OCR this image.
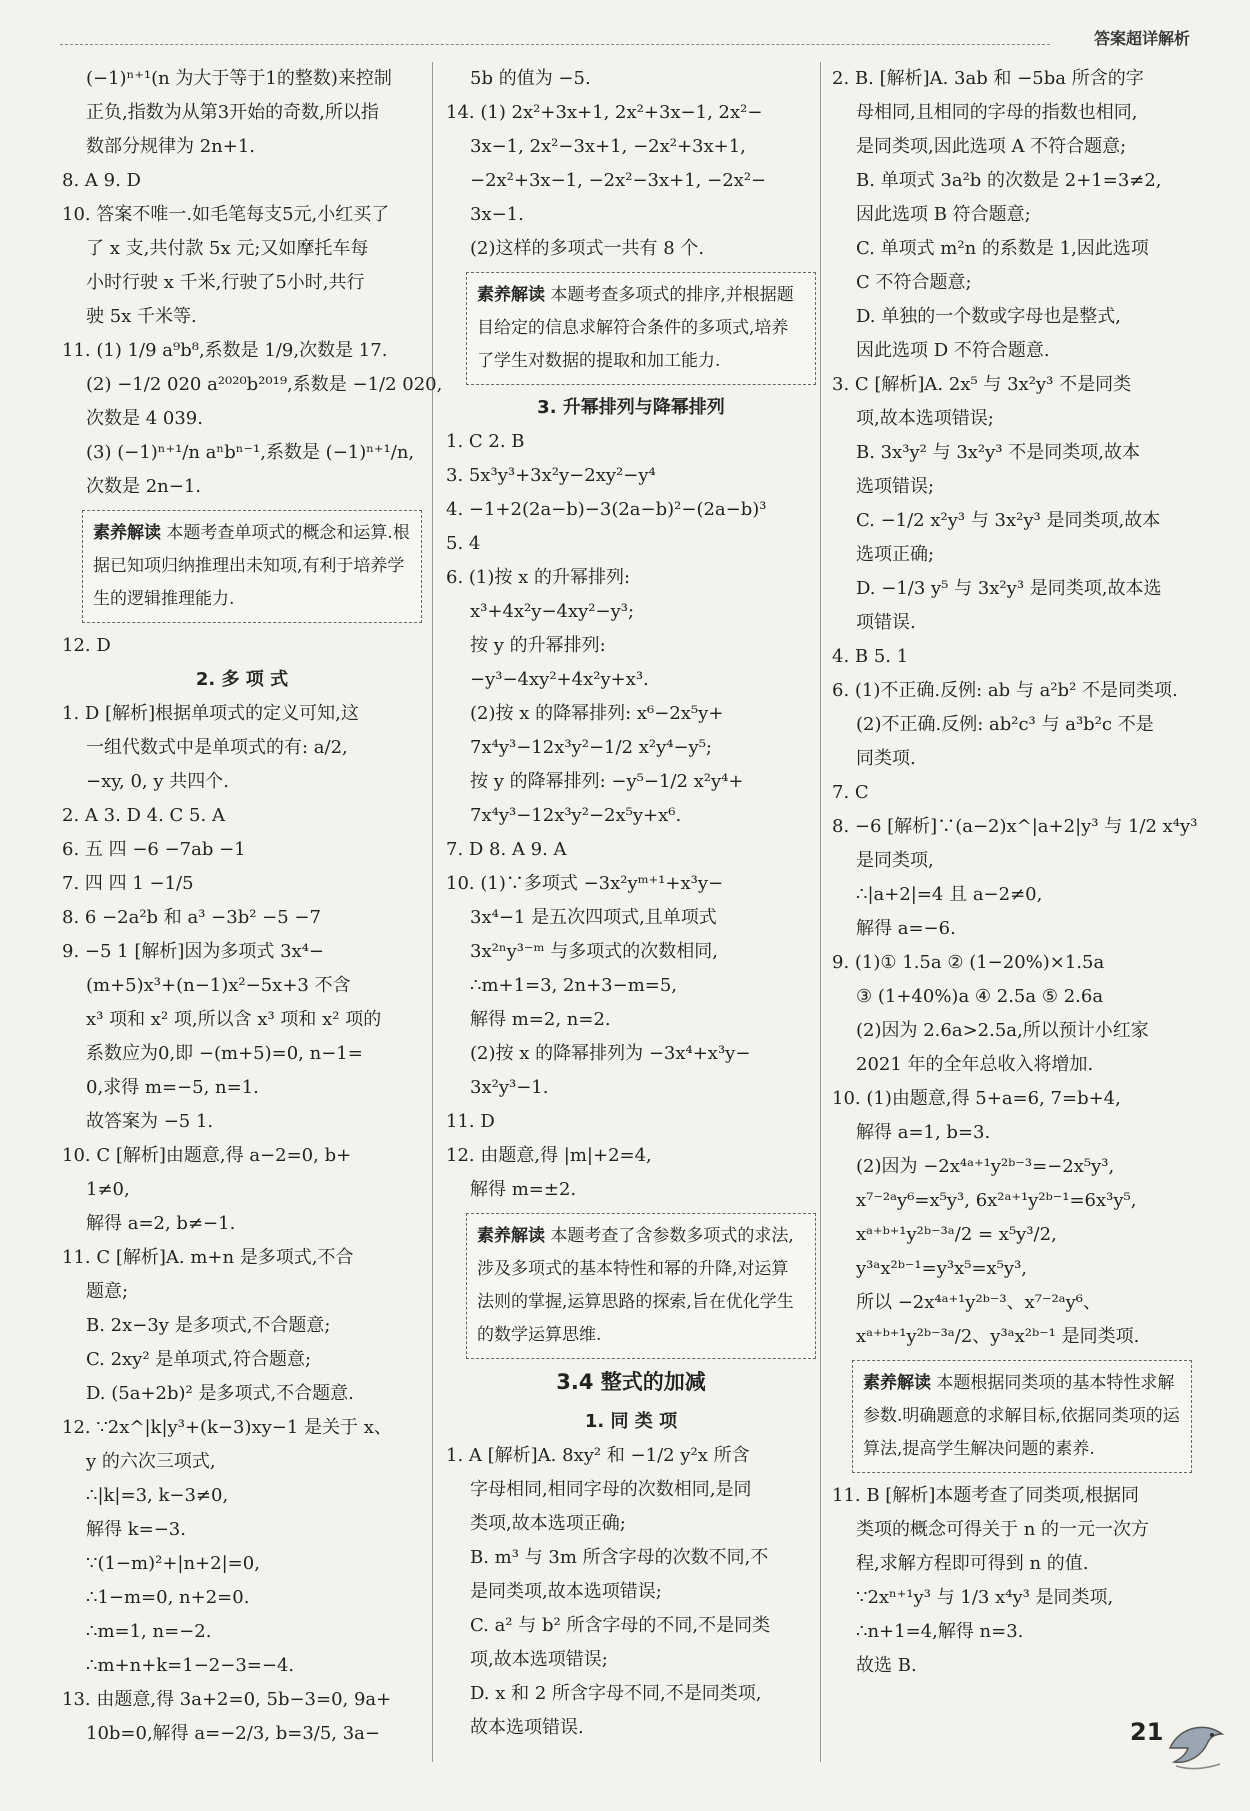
答案超详解析
(−1)ⁿ⁺¹(n 为大于等于1的整数)来控制
正负,指数为从第3开始的奇数,所以指
数部分规律为 2n+1.
8. A 9. D
10. 答案不唯一.如毛笔每支5元,小红买了
了 x 支,共付款 5x 元;又如摩托车每
小时行驶 x 千米,行驶了5小时,共行
驶 5x 千米等.
11. (1) 1/9 a⁹b⁸,系数是 1/9,次数是 17.
(2) −1/2 020 a²⁰²⁰b²⁰¹⁹,系数是 −1/2 020,
次数是 4 039.
(3) (−1)ⁿ⁺¹/n aⁿbⁿ⁻¹,系数是 (−1)ⁿ⁺¹/n,
次数是 2n−1.
素养解读 本题考查单项式的概念和运算.根据已知项归纳推理出未知项,有利于培养学生的逻辑推理能力.
12. D
2. 多 项 式
1. D [解析]根据单项式的定义可知,这
一组代数式中是单项式的有: a/2,
−xy, 0, y 共四个.
2. A 3. D 4. C 5. A
6. 五 四 −6 −7ab −1
7. 四 四 1 −1/5
8. 6 −2a²b 和 a³ −3b² −5 −7
9. −5 1 [解析]因为多项式 3x⁴−
(m+5)x³+(n−1)x²−5x+3 不含
x³ 项和 x² 项,所以含 x³ 项和 x² 项的
系数应为0,即 −(m+5)=0, n−1=
0,求得 m=−5, n=1.
故答案为 −5 1.
10. C [解析]由题意,得 a−2=0, b+
1≠0,
解得 a=2, b≠−1.
11. C [解析]A. m+n 是多项式,不合
题意;
B. 2x−3y 是多项式,不合题意;
C. 2xy² 是单项式,符合题意;
D. (5a+2b)² 是多项式,不合题意.
12. ∵2x^|k|y³+(k−3)xy−1 是关于 x、
y 的六次三项式,
∴|k|=3, k−3≠0,
解得 k=−3.
∵(1−m)²+|n+2|=0,
∴1−m=0, n+2=0.
∴m=1, n=−2.
∴m+n+k=1−2−3=−4.
13. 由题意,得 3a+2=0, 5b−3=0, 9a+
10b=0,解得 a=−2/3, b=3/5, 3a−
5b 的值为 −5.
14. (1) 2x²+3x+1, 2x²+3x−1, 2x²−
3x−1, 2x²−3x+1, −2x²+3x+1,
−2x²+3x−1, −2x²−3x+1, −2x²−
3x−1.
(2)这样的多项式一共有 8 个.
素养解读 本题考查多项式的排序,并根据题目给定的信息求解符合条件的多项式,培养了学生对数据的提取和加工能力.
3. 升幂排列与降幂排列
1. C 2. B
3. 5x³y³+3x²y−2xy²−y⁴
4. −1+2(2a−b)−3(2a−b)²−(2a−b)³
5. 4
6. (1)按 x 的升幂排列:
x³+4x²y−4xy²−y³;
按 y 的升幂排列:
−y³−4xy²+4x²y+x³.
(2)按 x 的降幂排列: x⁶−2x⁵y+
7x⁴y³−12x³y²−1/2 x²y⁴−y⁵;
按 y 的降幂排列: −y⁵−1/2 x²y⁴+
7x⁴y³−12x³y²−2x⁵y+x⁶.
7. D 8. A 9. A
10. (1)∵多项式 −3x²yᵐ⁺¹+x³y−
3x⁴−1 是五次四项式,且单项式
3x²ⁿy³⁻ᵐ 与多项式的次数相同,
∴m+1=3, 2n+3−m=5,
解得 m=2, n=2.
(2)按 x 的降幂排列为 −3x⁴+x³y−
3x²y³−1.
11. D
12. 由题意,得 |m|+2=4,
解得 m=±2.
素养解读 本题考查了含参数多项式的求法,涉及多项式的基本特性和幂的升降,对运算法则的掌握,运算思路的探索,旨在优化学生的数学运算思维.
3.4 整式的加减
1. 同 类 项
1. A [解析]A. 8xy² 和 −1/2 y²x 所含
字母相同,相同字母的次数相同,是同
类项,故本选项正确;
B. m³ 与 3m 所含字母的次数不同,不
是同类项,故本选项错误;
C. a² 与 b² 所含字母的不同,不是同类
项,故本选项错误;
D. x 和 2 所含字母不同,不是同类项,
故本选项错误.
2. B. [解析]A. 3ab 和 −5ba 所含的字
母相同,且相同的字母的指数也相同,
是同类项,因此选项 A 不符合题意;
B. 单项式 3a²b 的次数是 2+1=3≠2,
因此选项 B 符合题意;
C. 单项式 m²n 的系数是 1,因此选项
C 不符合题意;
D. 单独的一个数或字母也是整式,
因此选项 D 不符合题意.
3. C [解析]A. 2x⁵ 与 3x²y³ 不是同类
项,故本选项错误;
B. 3x³y² 与 3x²y³ 不是同类项,故本
选项错误;
C. −1/2 x²y³ 与 3x²y³ 是同类项,故本
选项正确;
D. −1/3 y⁵ 与 3x²y³ 是同类项,故本选
项错误.
4. B 5. 1
6. (1)不正确.反例: ab 与 a²b² 不是同类项.
(2)不正确.反例: ab²c³ 与 a³b²c 不是
同类项.
7. C
8. −6 [解析]∵(a−2)x^|a+2|y³ 与 1/2 x⁴y³
是同类项,
∴|a+2|=4 且 a−2≠0,
解得 a=−6.
9. (1)① 1.5a ② (1−20%)×1.5a
③ (1+40%)a ④ 2.5a ⑤ 2.6a
(2)因为 2.6a>2.5a,所以预计小红家
2021 年的全年总收入将增加.
10. (1)由题意,得 5+a=6, 7=b+4,
解得 a=1, b=3.
(2)因为 −2x⁴ᵃ⁺¹y²ᵇ⁻³=−2x⁵y³,
x⁷⁻²ᵃy⁶=x⁵y³, 6x²ᵃ⁺¹y²ᵇ⁻¹=6x³y⁵,
xᵃ⁺ᵇ⁺¹y²ᵇ⁻³ᵃ/2 = x⁵y³/2,
y³ᵃx²ᵇ⁻¹=y³x⁵=x⁵y³,
所以 −2x⁴ᵃ⁺¹y²ᵇ⁻³、x⁷⁻²ᵃy⁶、
xᵃ⁺ᵇ⁺¹y²ᵇ⁻³ᵃ/2、y³ᵃx²ᵇ⁻¹ 是同类项.
素养解读 本题根据同类项的基本特性求解参数.明确题意的求解目标,依据同类项的运算法,提高学生解决问题的素养.
11. B [解析]本题考查了同类项,根据同
类项的概念可得关于 n 的一元一次方
程,求解方程即可得到 n 的值.
∵2xⁿ⁺¹y³ 与 1/3 x⁴y³ 是同类项,
∴n+1=4,解得 n=3.
故选 B.
21
